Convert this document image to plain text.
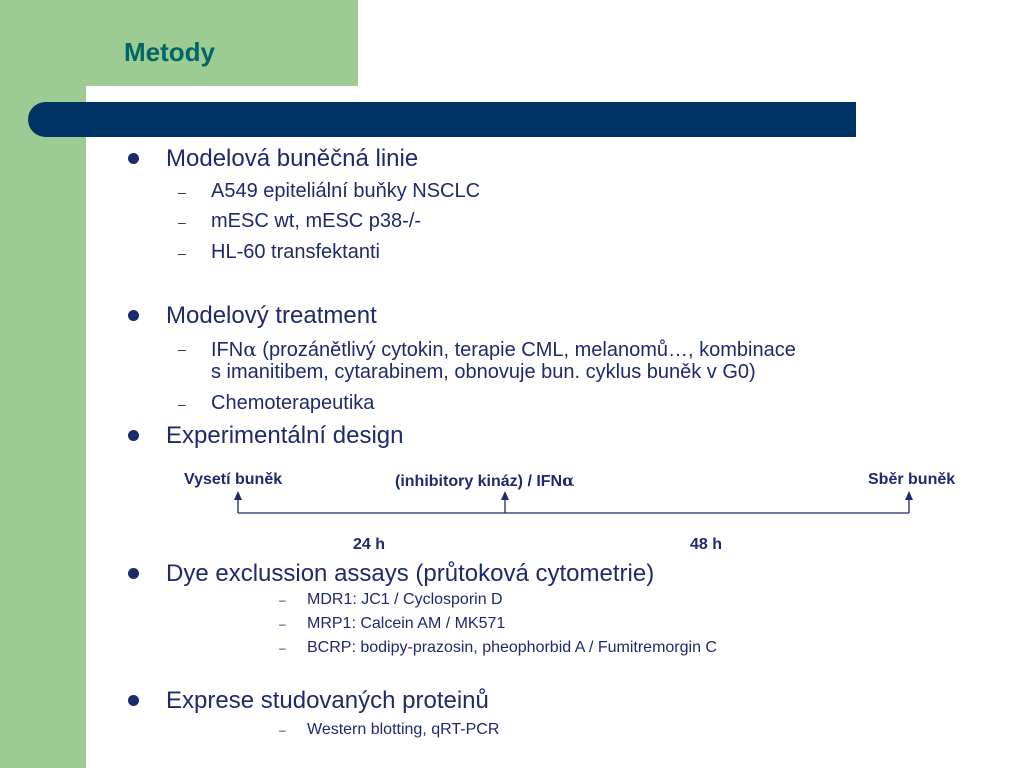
Metody
Modelová buněčná linie
– A549 epiteliální buňky NSCLC
– mESC wt, mESC p38-/-
– HL-60 transfektanti
Modelový treatment
– IFNα (prozánětlivý cytokin, terapie CML, melanomů…, kombinace
s imanitibem, cytarabinem, obnovuje bun. cyklus buněk v G0)
– Chemoterapeutika
Experimentální design
Vysetí buněk	(inhibitory kináz) / IFNα	Sběr buněk
24 h	48 h
Dye exclussion assays (průtoková cytometrie)
– MDR1: JC1 / Cyclosporin D
– MRP1: Calcein AM / MK571
– BCRP: bodipy-prazosin, pheophorbid A / Fumitremorgin C
Exprese studovaných proteinů
– Western blotting, qRT-PCR
